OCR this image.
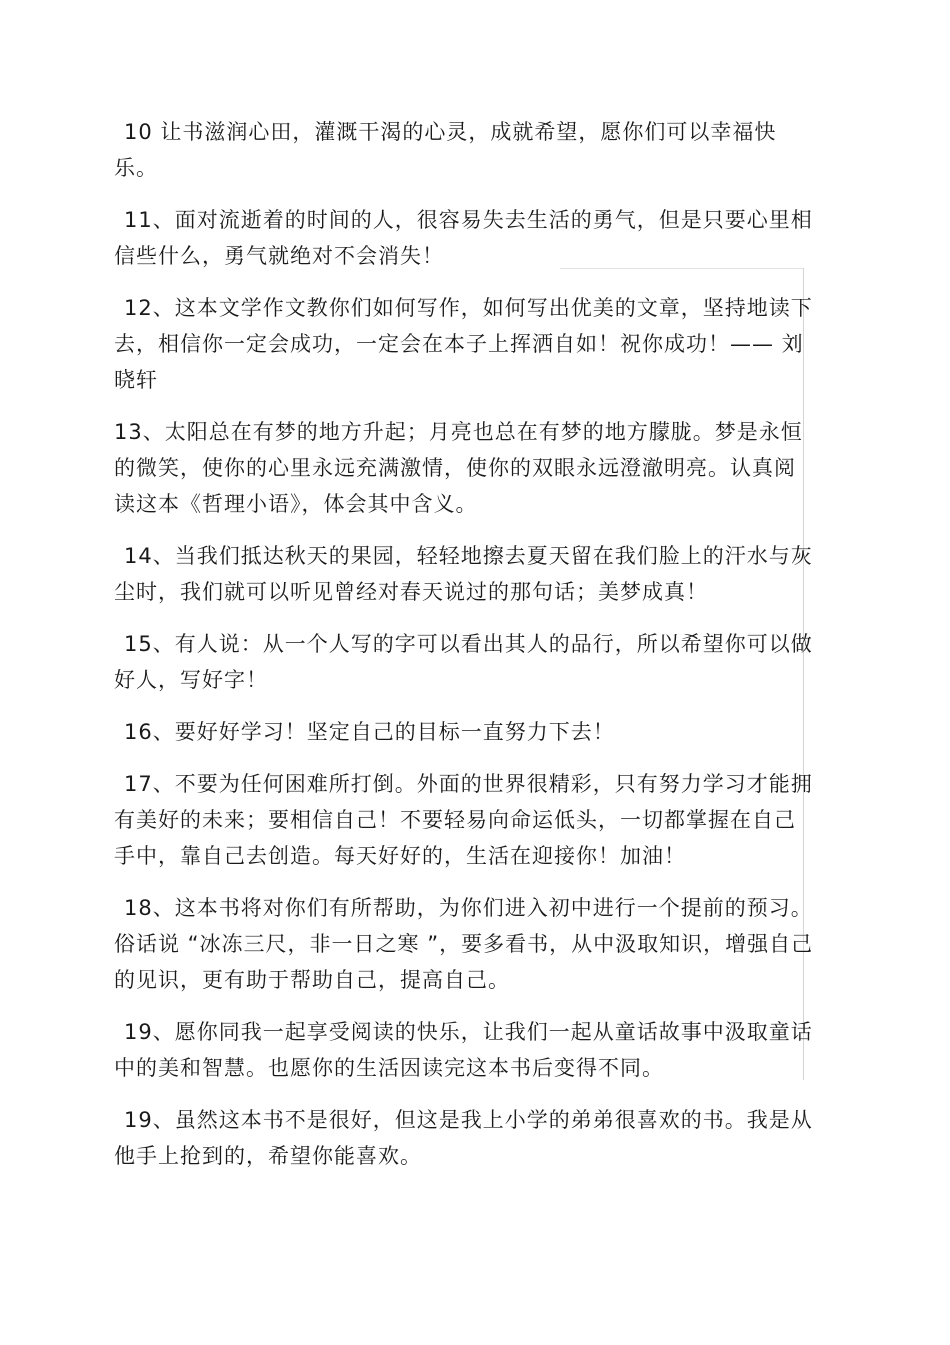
10 让书滋润心田，灌溉干渴的心灵，成就希望，愿你们可以幸福快乐。

11、面对流逝着的时间的人，很容易失去生活的勇气，但是只要心里相信些什么，勇气就绝对不会消失！

12、这本文学作文教你们如何写作，如何写出优美的文章，坚持地读下去，相信你一定会成功，一定会在本子上挥洒自如！祝你成功！—— 刘晓轩

13、太阳总在有梦的地方升起；月亮也总在有梦的地方朦胧。梦是永恒的微笑，使你的心里永远充满激情，使你的双眼永远澄澈明亮。认真阅读这本《哲理小语》，体会其中含义。

14、当我们抵达秋天的果园，轻轻地擦去夏天留在我们脸上的汗水与灰尘时，我们就可以听见曾经对春天说过的那句话；美梦成真！

15、有人说：从一个人写的字可以看出其人的品行，所以希望你可以做好人，写好字！

16、要好好学习！坚定自己的目标一直努力下去！

17、不要为任何困难所打倒。外面的世界很精彩，只有努力学习才能拥有美好的未来；要相信自己！不要轻易向命运低头，一切都掌握在自己手中，靠自己去创造。每天好好的，生活在迎接你！加油！

18、这本书将对你们有所帮助，为你们进入初中进行一个提前的预习。俗话说 “冰冻三尺，非一日之寒 ”，要多看书，从中汲取知识，增强自己的见识，更有助于帮助自己，提高自己。

19、愿你同我一起享受阅读的快乐，让我们一起从童话故事中汲取童话中的美和智慧。也愿你的生活因读完这本书后变得不同。

19、虽然这本书不是很好，但这是我上小学的弟弟很喜欢的书。我是从他手上抢到的，希望你能喜欢。
